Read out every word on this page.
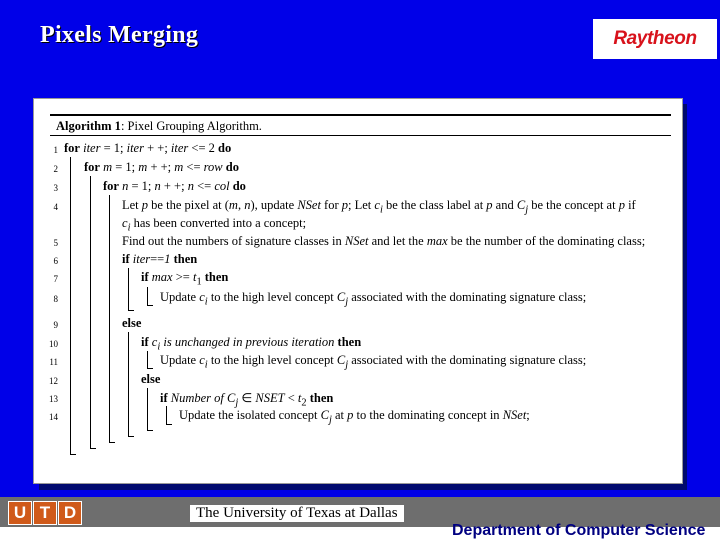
Pixels Merging	Raytheon
Algorithm 1: Pixel Grouping Algorithm.
1
2
3
4
5
6
7
8
9
10
11
12
13
14
for iter = 1; iter + +; iter <= 2 do
for m = 1; m + +; m <= row do
for n = 1; n + +; n <= col do
Let p be the pixel at (m, n), update NSet for p; Let $c_i$ be the class label at p and $C_j$ be the concept at p if
$c_i$ has been converted into a concept;
Find out the numbers of signature classes in NSet and let the max be the number of the dominating class;
if iter==1 then
if $\max >= t_1$ then
Update $c_i$ to the high level concept $C_j$ associated with the dominating signature class;
else
if $c_i$ is unchanged in previous iteration then
Update $c_i$ to the high level concept $C_j$ associated with the dominating signature class;
else
if Number of $C_j$ ∈ NSET < $t_2$ then
Update the isolated concept $C_j$ at p to the dominating concept in NSet;
U T D	The University of Texas at Dallas
Department of Computer Science
